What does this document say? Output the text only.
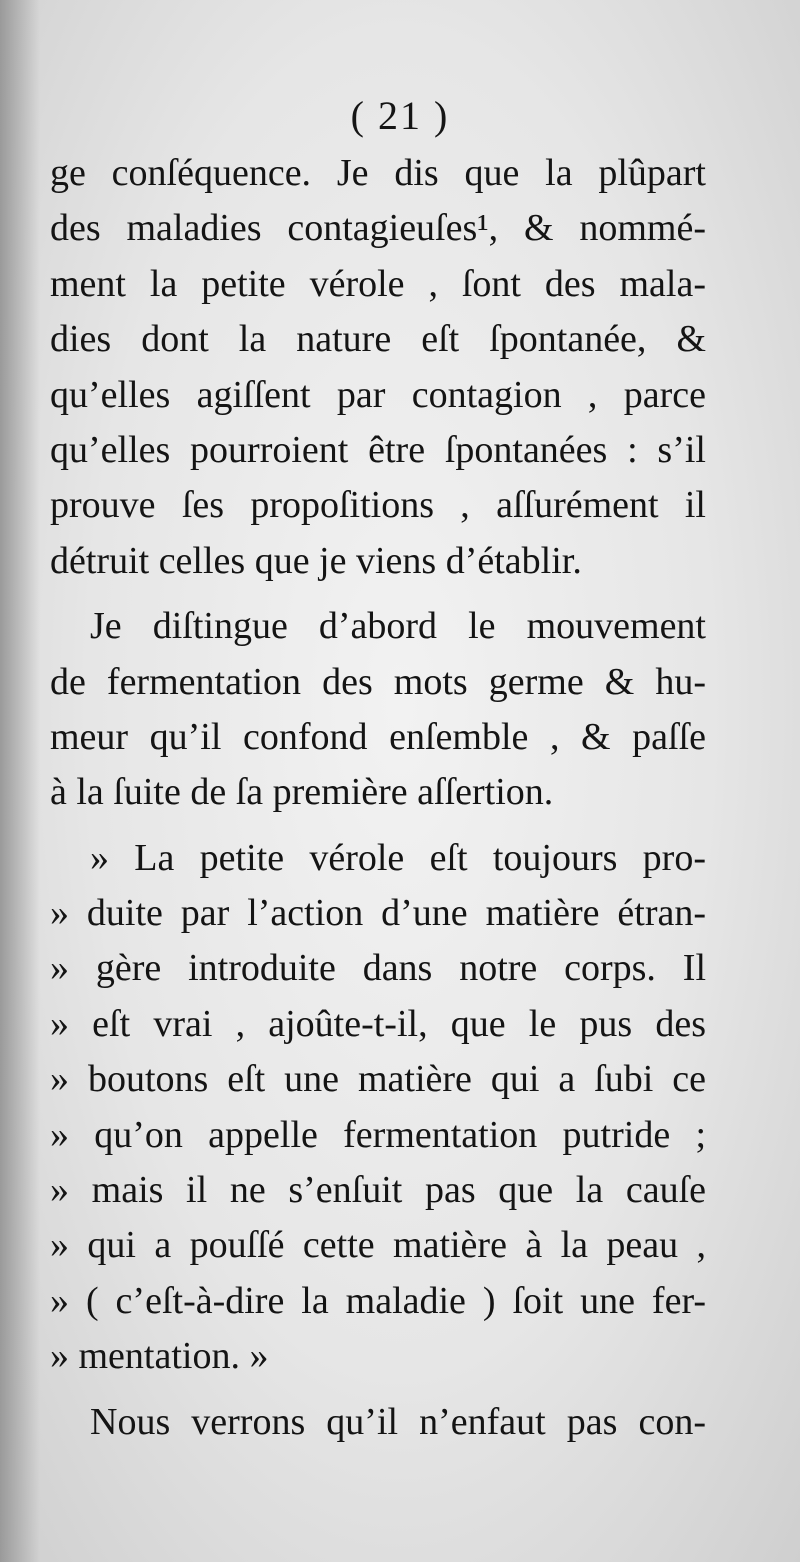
( 21 )
ge conſéquence. Je dis que la plûpart
des maladies contagieuſes¹, & nommé-
ment la petite vérole , ſont des mala-
dies dont la nature eſt ſpontanée, &
qu’elles agiſſent par contagion , parce
qu’elles pourroient être ſpontanées : s’il
prouve ſes propoſitions , aſſurément il
détruit celles que je viens d’établir.
Je diſtingue d’abord le mouvement
de fermentation des mots germe & hu-
meur qu’il confond enſemble , & paſſe
à la ſuite de ſa première aſſertion.
» La petite vérole eſt toujours pro-
» duite par l’action d’une matière étran-
» gère introduite dans notre corps. Il
» eſt vrai , ajoûte-t-il, que le pus des
» boutons eſt une matière qui a ſubi ce
» qu’on appelle fermentation putride ;
» mais il ne s’enſuit pas que la cauſe
» qui a pouſſé cette matière à la peau ,
» ( c’eſt-à-dire la maladie ) ſoit une fer-
» mentation. »
Nous verrons qu’il n’enfaut pas con-
